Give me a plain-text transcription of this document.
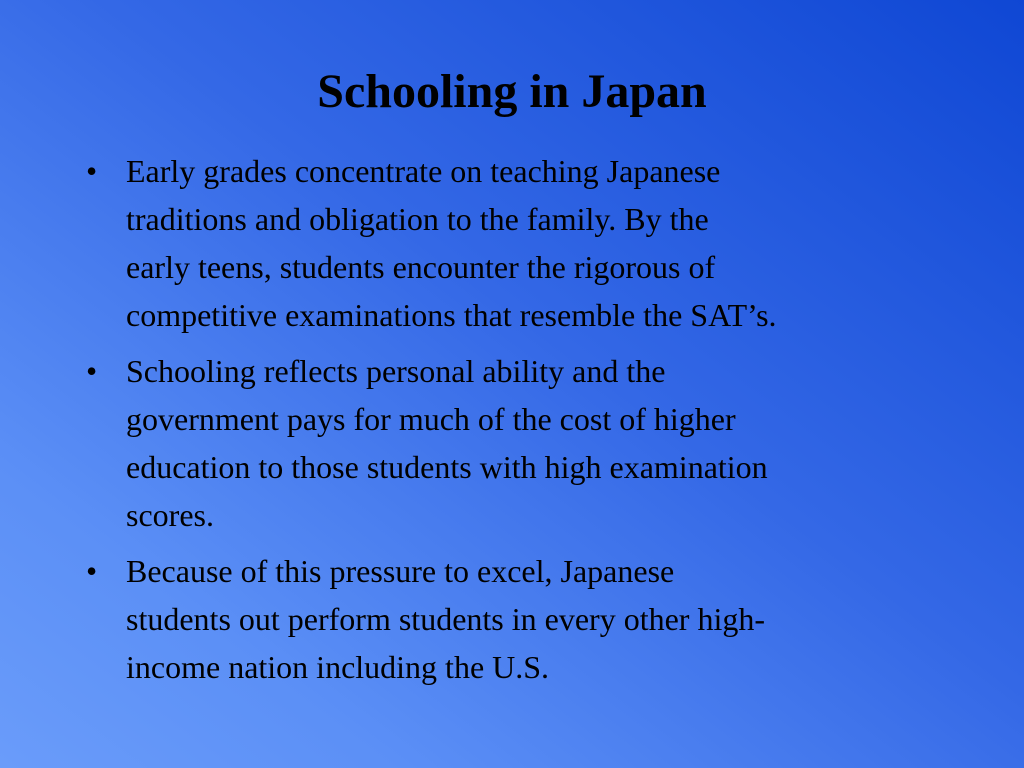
Schooling in Japan
• Early grades concentrate on teaching Japanese
traditions and obligation to the family. By the
early teens, students encounter the rigorous of
competitive examinations that resemble the SAT’s.
• Schooling reflects personal ability and the
government pays for much of the cost of higher
education to those students with high examination
scores.
• Because of this pressure to excel, Japanese
students out perform students in every other high-
income nation including the U.S.
